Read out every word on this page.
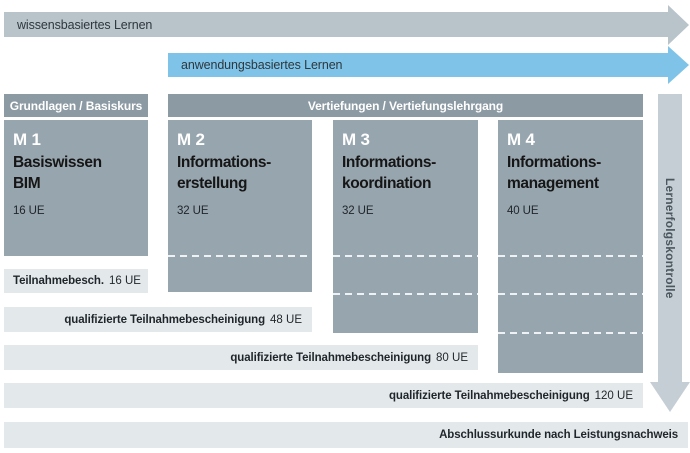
wissensbasiertes Lernen
anwendungsbasiertes Lernen
Grundlagen / Basiskurs	Vertiefungen / Vertiefungslehrgang
M 1
Basiswissen
BIM
16 UE
M 2
Informations-
erstellung
32 UE
M 3
Informations-
koordination
32 UE
M 4
Informations-
management
40 UE	Lernerfolgskontrolle
Teilnahmebesch. 16 UE
qualifizierte Teilnahmebescheinigung 48 UE
qualifizierte Teilnahmebescheinigung 80 UE
qualifizierte Teilnahmebescheinigung 120 UE
Abschlussurkunde nach Leistungsnachweis
